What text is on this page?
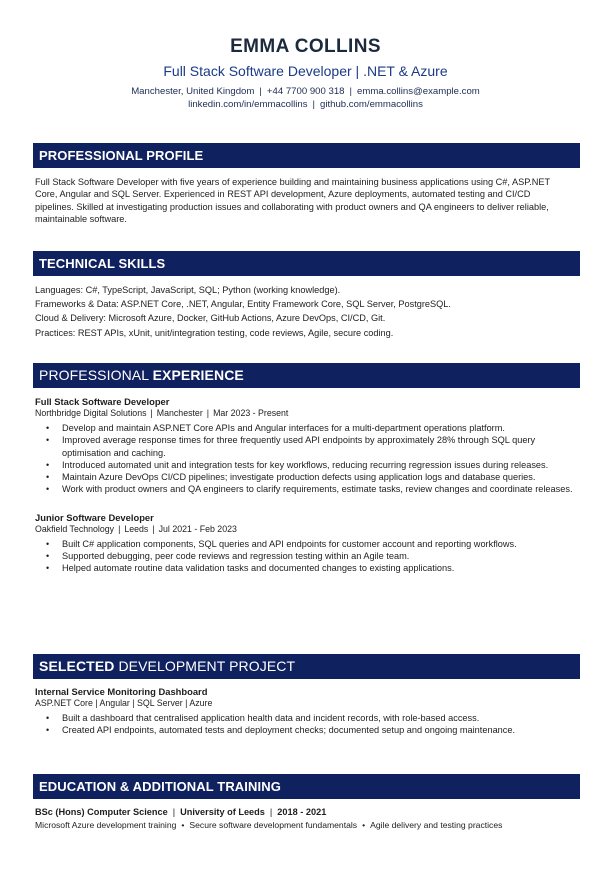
EMMA COLLINS
Full Stack Software Developer | .NET & Azure
Manchester, United Kingdom | +44 7700 900 318 | emma.collins@example.com
linkedin.com/in/emmacollins | github.com/emmacollins
PROFESSIONAL PROFILE
Full Stack Software Developer with five years of experience building and maintaining business applications using C#, ASP.NET Core, Angular and SQL Server. Experienced in REST API development, Azure deployments, automated testing and CI/CD pipelines. Skilled at investigating production issues and collaborating with product owners and QA engineers to deliver reliable, maintainable software.
TECHNICAL SKILLS
Languages: C#, TypeScript, JavaScript, SQL; Python (working knowledge).
Frameworks & Data: ASP.NET Core, .NET, Angular, Entity Framework Core, SQL Server, PostgreSQL.
Cloud & Delivery: Microsoft Azure, Docker, GitHub Actions, Azure DevOps, CI/CD, Git.
Practices: REST APIs, xUnit, unit/integration testing, code reviews, Agile, secure coding.
PROFESSIONAL EXPERIENCE
Full Stack Software Developer
Northbridge Digital Solutions | Manchester | Mar 2023 - Present
• Develop and maintain ASP.NET Core APIs and Angular interfaces for a multi-department operations platform.
• Improved average response times for three frequently used API endpoints by approximately 28% through SQL query optimisation and caching.
• Introduced automated unit and integration tests for key workflows, reducing recurring regression issues during releases.
• Maintain Azure DevOps CI/CD pipelines; investigate production defects using application logs and database queries.
• Work with product owners and QA engineers to clarify requirements, estimate tasks, review changes and coordinate releases.
Junior Software Developer
Oakfield Technology | Leeds | Jul 2021 - Feb 2023
• Built C# application components, SQL queries and API endpoints for customer account and reporting workflows.
• Supported debugging, peer code reviews and regression testing within an Agile team.
• Helped automate routine data validation tasks and documented changes to existing applications.
SELECTED DEVELOPMENT PROJECT
Internal Service Monitoring Dashboard
ASP.NET Core | Angular | SQL Server | Azure
• Built a dashboard that centralised application health data and incident records, with role-based access.
• Created API endpoints, automated tests and deployment checks; documented setup and ongoing maintenance.
EDUCATION & ADDITIONAL TRAINING
BSc (Hons) Computer Science | University of Leeds | 2018 - 2021
Microsoft Azure development training • Secure software development fundamentals • Agile delivery and testing practices
